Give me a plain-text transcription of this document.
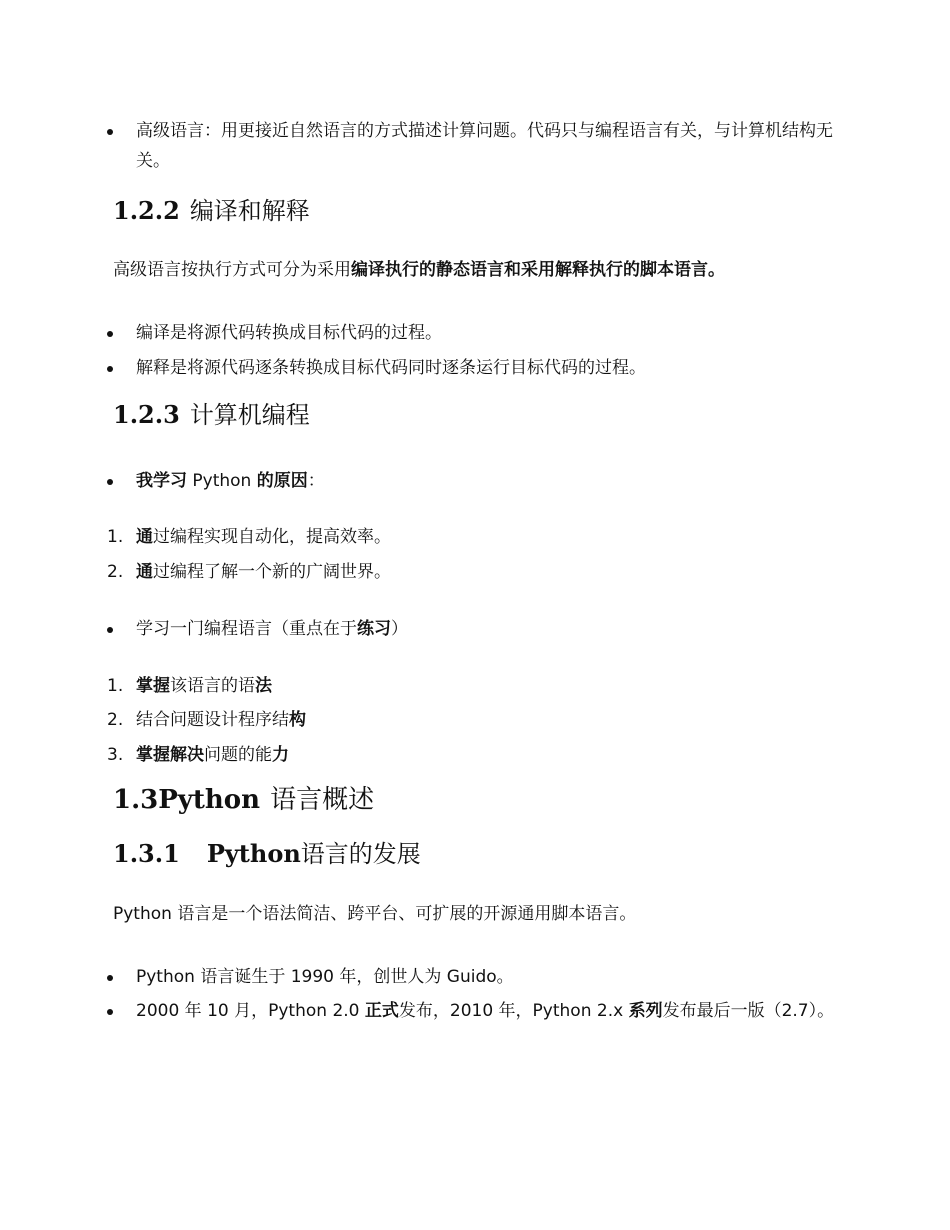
高级语言：用更接近自然语言的方式描述计算问题。代码只与编程语言有关，与计算机结构无关。
1.2.2 编译和解释
高级语言按执行方式可分为采用编译执行的静态语言和采用解释执行的脚本语言。
编译是将源代码转换成目标代码的过程。
解释是将源代码逐条转换成目标代码同时逐条运行目标代码的过程。
1.2.3 计算机编程
我学习 Python 的原因：
1. 通过编程实现自动化，提高效率。
2. 通过编程了解一个新的广阔世界。
学习一门编程语言（重点在于练习）
1. 掌握该语言的语法
2. 结合问题设计程序结构
3. 掌握解决问题的能力
1.3Python 语言概述
1.3.1 Python语言的发展
Python 语言是一个语法简洁、跨平台、可扩展的开源通用脚本语言。
Python 语言诞生于 1990 年，创世人为 Guido。
2000 年 10 月，Python 2.0 正式发布，2010 年，Python 2.x 系列发布最后一版（2.7）。
